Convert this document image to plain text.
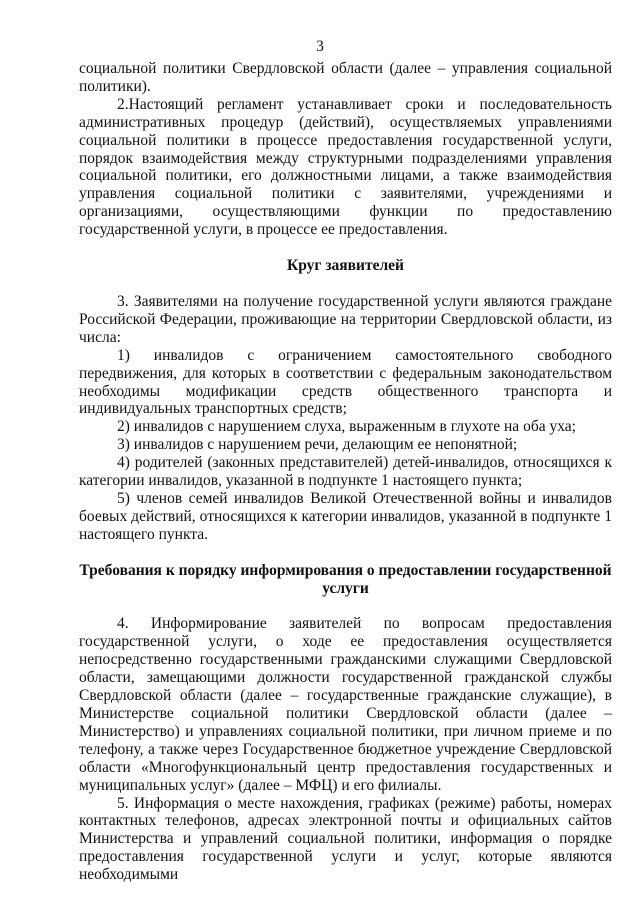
3

социальной политики Свердловской области (далее – управления социальной политики).

2.Настоящий регламент устанавливает сроки и последовательность административных процедур (действий), осуществляемых управлениями социальной политики в процессе предоставления государственной услуги, порядок взаимодействия между структурными подразделениями управления социальной политики, его должностными лицами, а также взаимодействия управления социальной политики с заявителями, учреждениями и организациями, осуществляющими функции по предоставлению государственной услуги, в процессе ее предоставления.

Круг заявителей

3. Заявителями на получение государственной услуги являются граждане Российской Федерации, проживающие на территории Свердловской области, из числа:

1) инвалидов с ограничением самостоятельного свободного передвижения, для которых в соответствии с федеральным законодательством необходимы модификации средств общественного транспорта и индивидуальных транспортных средств;

2) инвалидов с нарушением слуха, выраженным в глухоте на оба уха;

3) инвалидов с нарушением речи, делающим ее непонятной;

4) родителей (законных представителей) детей-инвалидов, относящихся к категории инвалидов, указанной в подпункте 1 настоящего пункта;

5) членов семей инвалидов Великой Отечественной войны и инвалидов боевых действий, относящихся к категории инвалидов, указанной в подпункте 1 настоящего пункта.

Требования к порядку информирования о предоставлении государственной услуги

4. Информирование заявителей по вопросам предоставления государственной услуги, о ходе ее предоставления осуществляется непосредственно государственными гражданскими служащими Свердловской области, замещающими должности государственной гражданской службы Свердловской области (далее – государственные гражданские служащие), в Министерстве социальной политики Свердловской области (далее – Министерство) и управлениях социальной политики, при личном приеме и по телефону, а также через Государственное бюджетное учреждение Свердловской области «Многофункциональный центр предоставления государственных и муниципальных услуг» (далее – МФЦ) и его филиалы.

5. Информация о месте нахождения, графиках (режиме) работы, номерах контактных телефонов, адресах электронной почты и официальных сайтов Министерства и управлений социальной политики, информация о порядке предоставления государственной услуги и услуг, которые являются необходимыми
